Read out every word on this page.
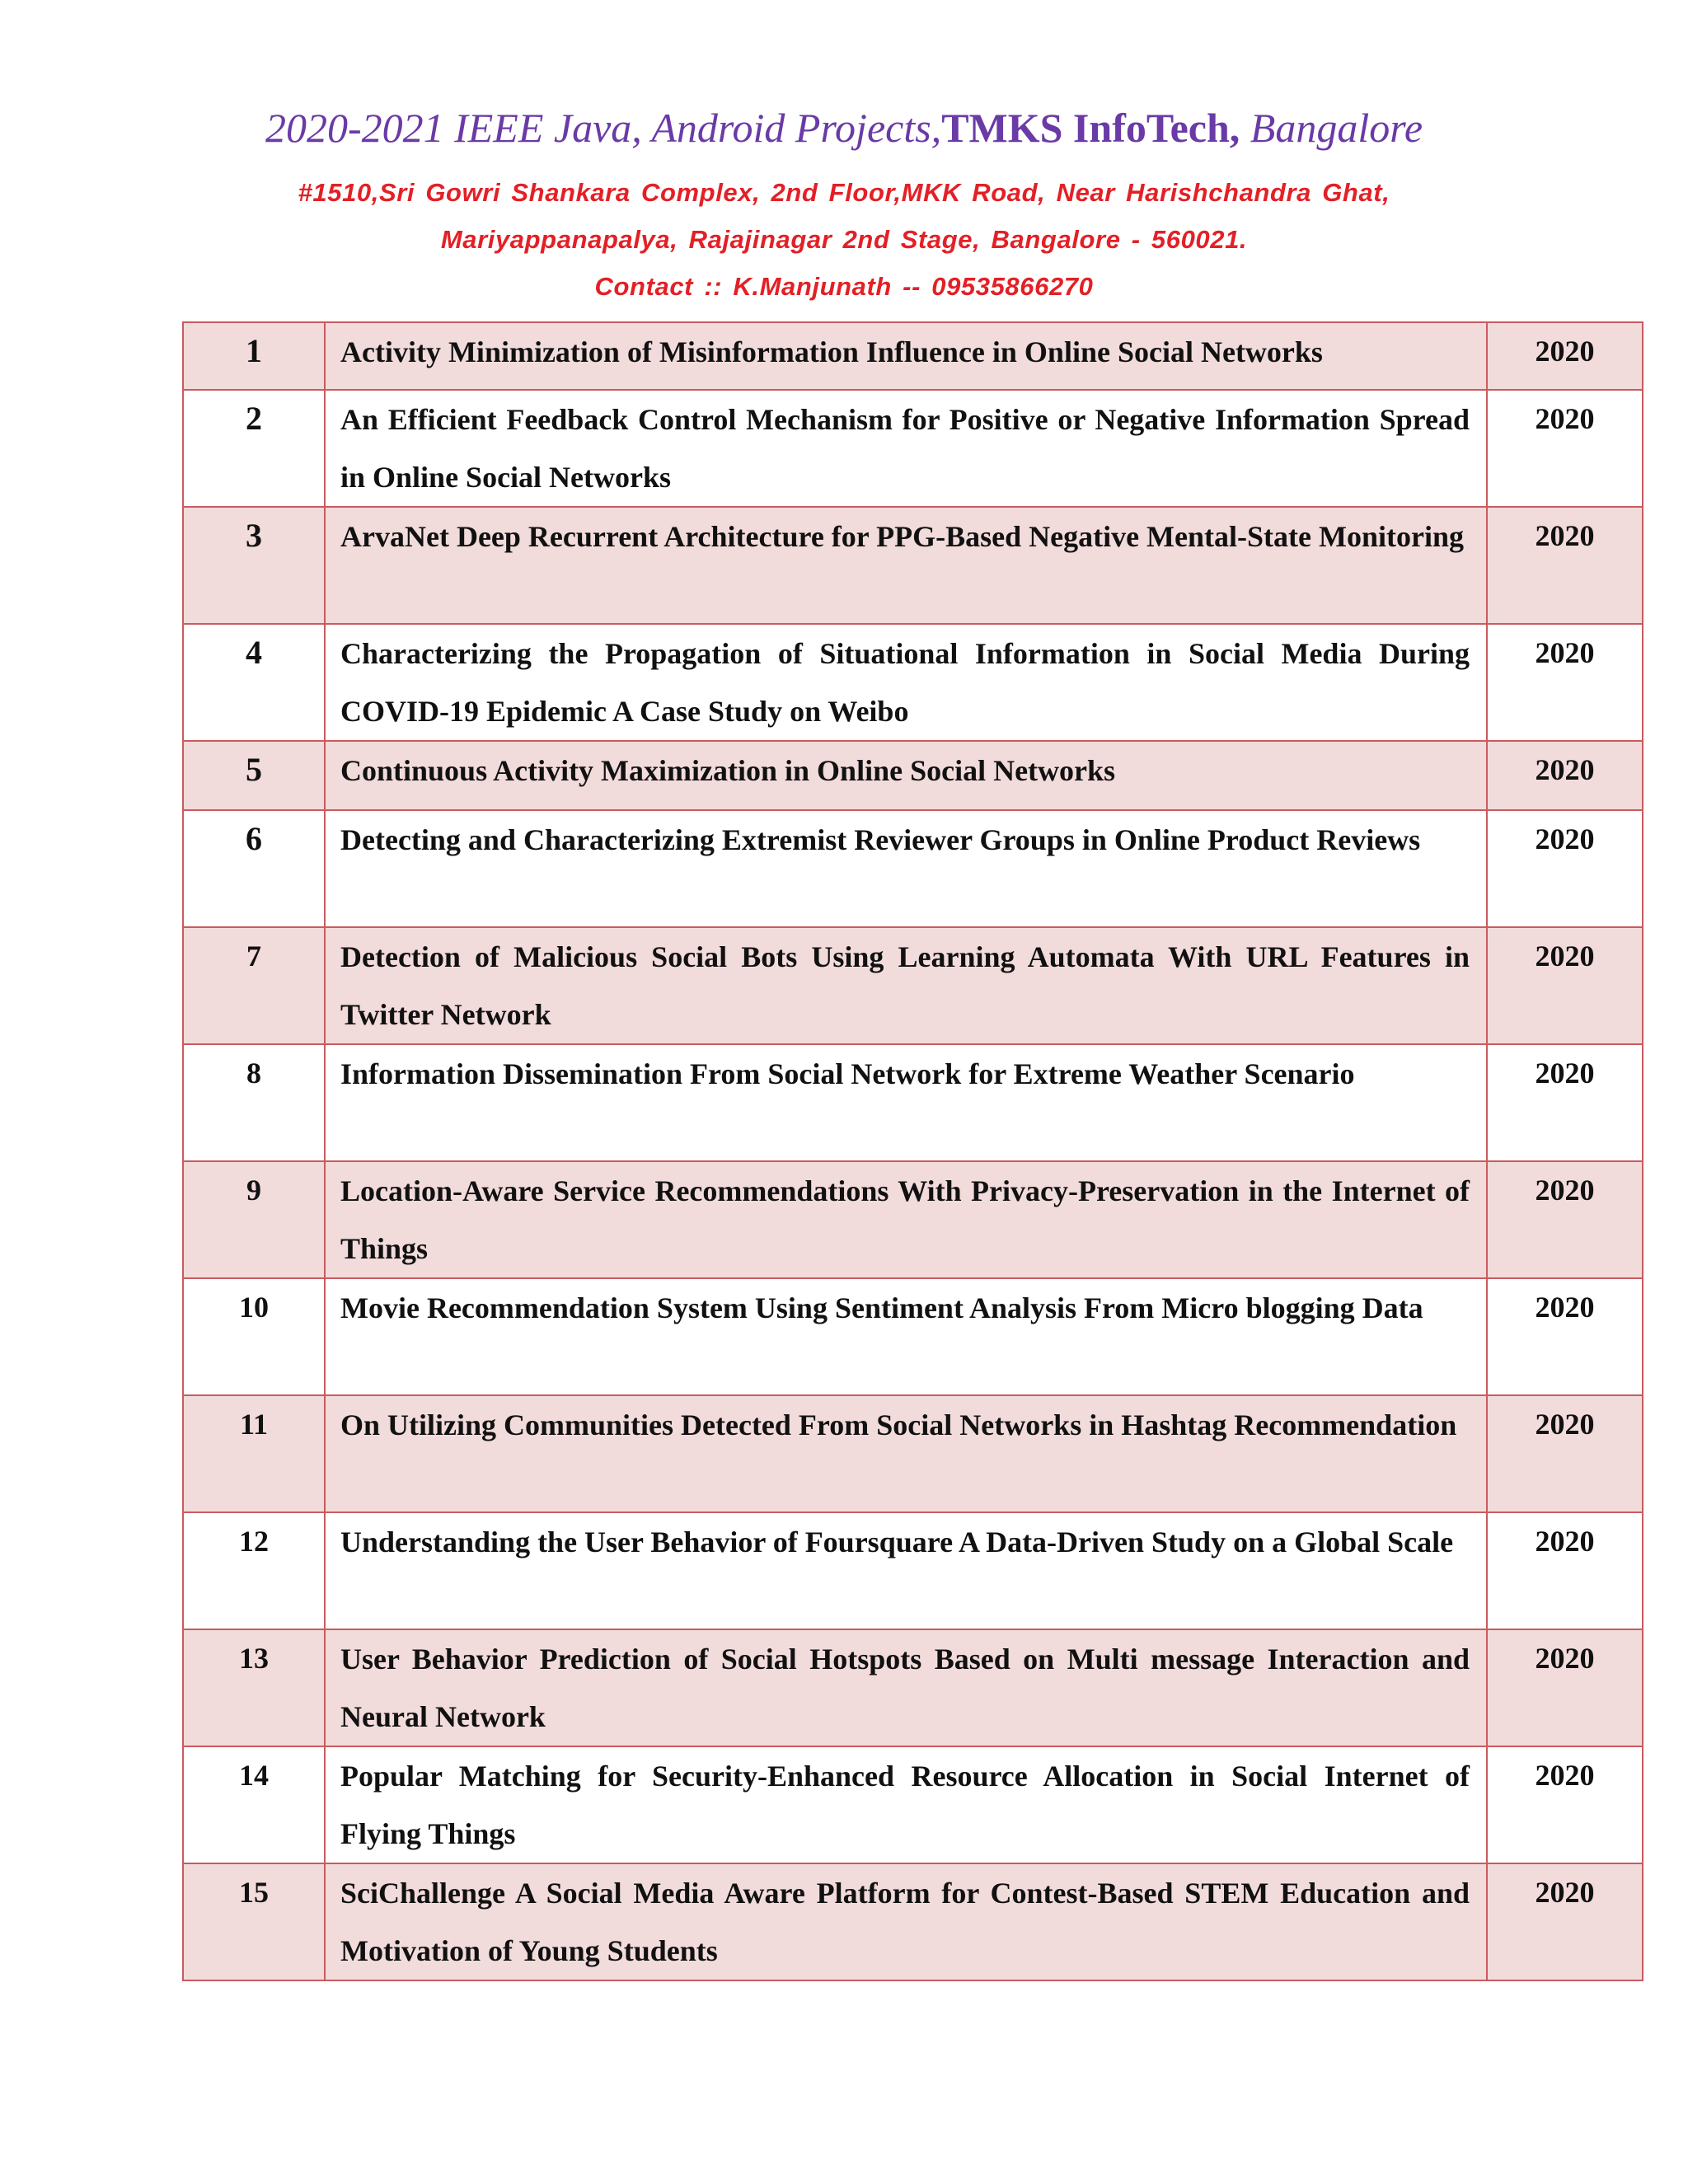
2020-2021 IEEE Java, Android Projects,TMKS InfoTech, Bangalore

#1510,Sri Gowri Shankara Complex, 2nd Floor,MKK Road, Near Harishchandra Ghat,

Mariyappanapalya, Rajajinagar 2nd Stage, Bangalore - 560021.

Contact :: K.Manjunath -- 09535866270

1	Activity Minimization of Misinformation Influence in Online Social Networks	2020
2	An Efficient Feedback Control Mechanism for Positive or Negative Information Spread in Online Social Networks	2020
3	ArvaNet Deep Recurrent Architecture for PPG-Based Negative Mental-State Monitoring	2020
4	Characterizing the Propagation of Situational Information in Social Media During COVID-19 Epidemic A Case Study on Weibo	2020
5	Continuous Activity Maximization in Online Social Networks	2020
6	Detecting and Characterizing Extremist Reviewer Groups in Online Product Reviews	2020
7	Detection of Malicious Social Bots Using Learning Automata With URL Features in Twitter Network	2020
8	Information Dissemination From Social Network for Extreme Weather Scenario	2020
9	Location-Aware Service Recommendations With Privacy-Preservation in the Internet of Things	2020
10	Movie Recommendation System Using Sentiment Analysis From Micro blogging Data	2020
11	On Utilizing Communities Detected From Social Networks in Hashtag Recommendation	2020
12	Understanding the User Behavior of Foursquare A Data-Driven Study on a Global Scale	2020
13	User Behavior Prediction of Social Hotspots Based on Multi message Interaction and Neural Network	2020
14	Popular Matching for Security-Enhanced Resource Allocation in Social Internet of Flying Things	2020
15	SciChallenge A Social Media Aware Platform for Contest-Based STEM Education and Motivation of Young Students	2020
